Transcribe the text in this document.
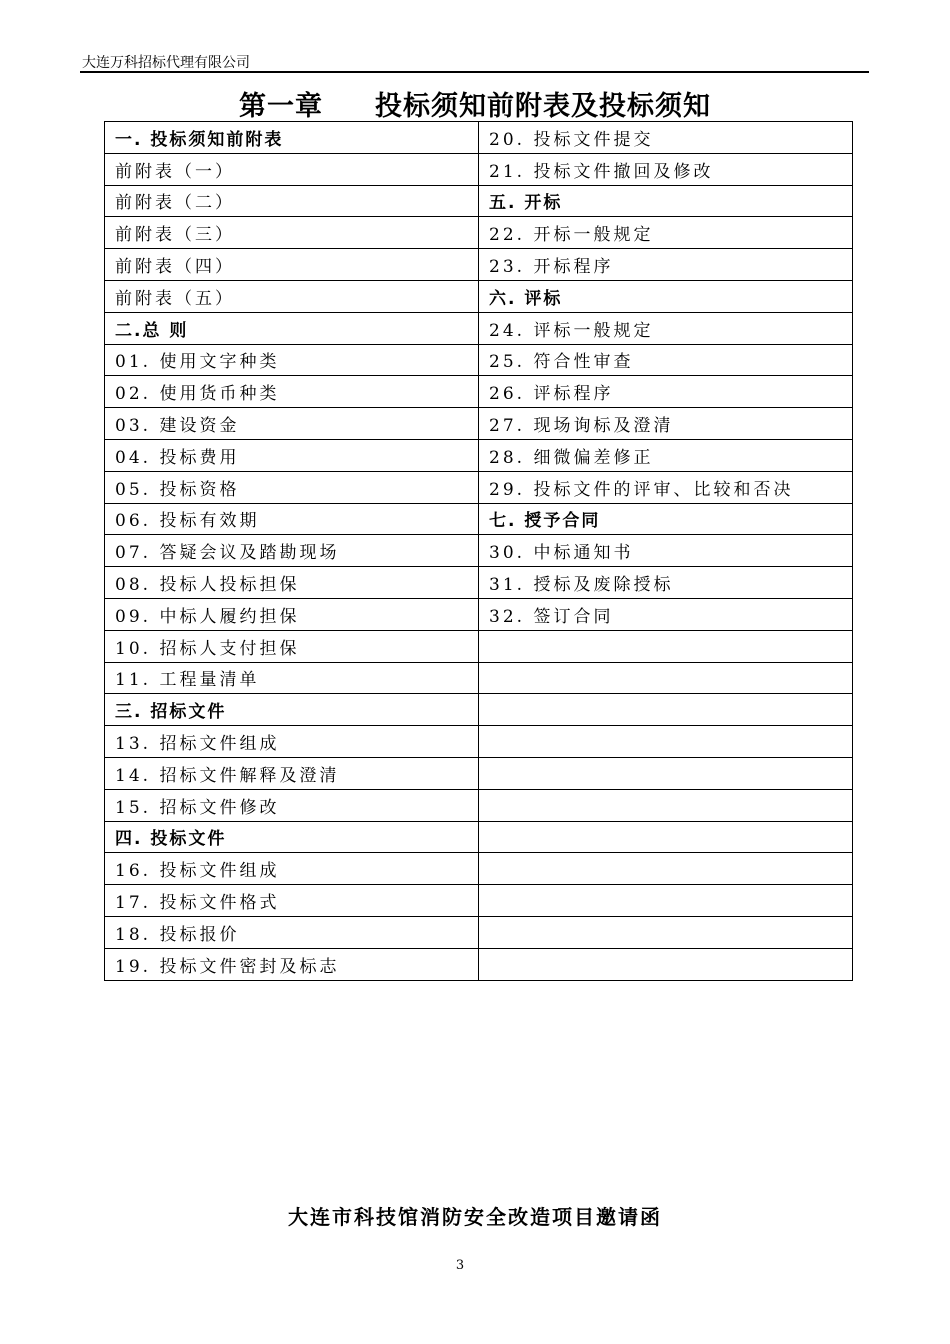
大连万科招标代理有限公司
第一章     投标须知前附表及投标须知
一. 投标须知前附表	20. 投标文件提交
前附表（一）	21. 投标文件撤回及修改
前附表（二）	五. 开标
前附表（三）	22. 开标一般规定
前附表（四）	23. 开标程序
前附表（五）	六. 评标
二.总 则	24. 评标一般规定
01. 使用文字种类	25. 符合性审查
02. 使用货币种类	26. 评标程序
03. 建设资金	27. 现场询标及澄清
04. 投标费用	28. 细微偏差修正
05. 投标资格	29. 投标文件的评审、比较和否决
06. 投标有效期	七. 授予合同
07. 答疑会议及踏勘现场	30. 中标通知书
08. 投标人投标担保	31. 授标及废除授标
09. 中标人履约担保	32. 签订合同
10. 招标人支付担保	
11. 工程量清单	
三. 招标文件	
13. 招标文件组成	
14. 招标文件解释及澄清	
15. 招标文件修改	
四. 投标文件	
16. 投标文件组成	
17. 投标文件格式	
18. 投标报价	
19. 投标文件密封及标志	
大连市科技馆消防安全改造项目邀请函
3
